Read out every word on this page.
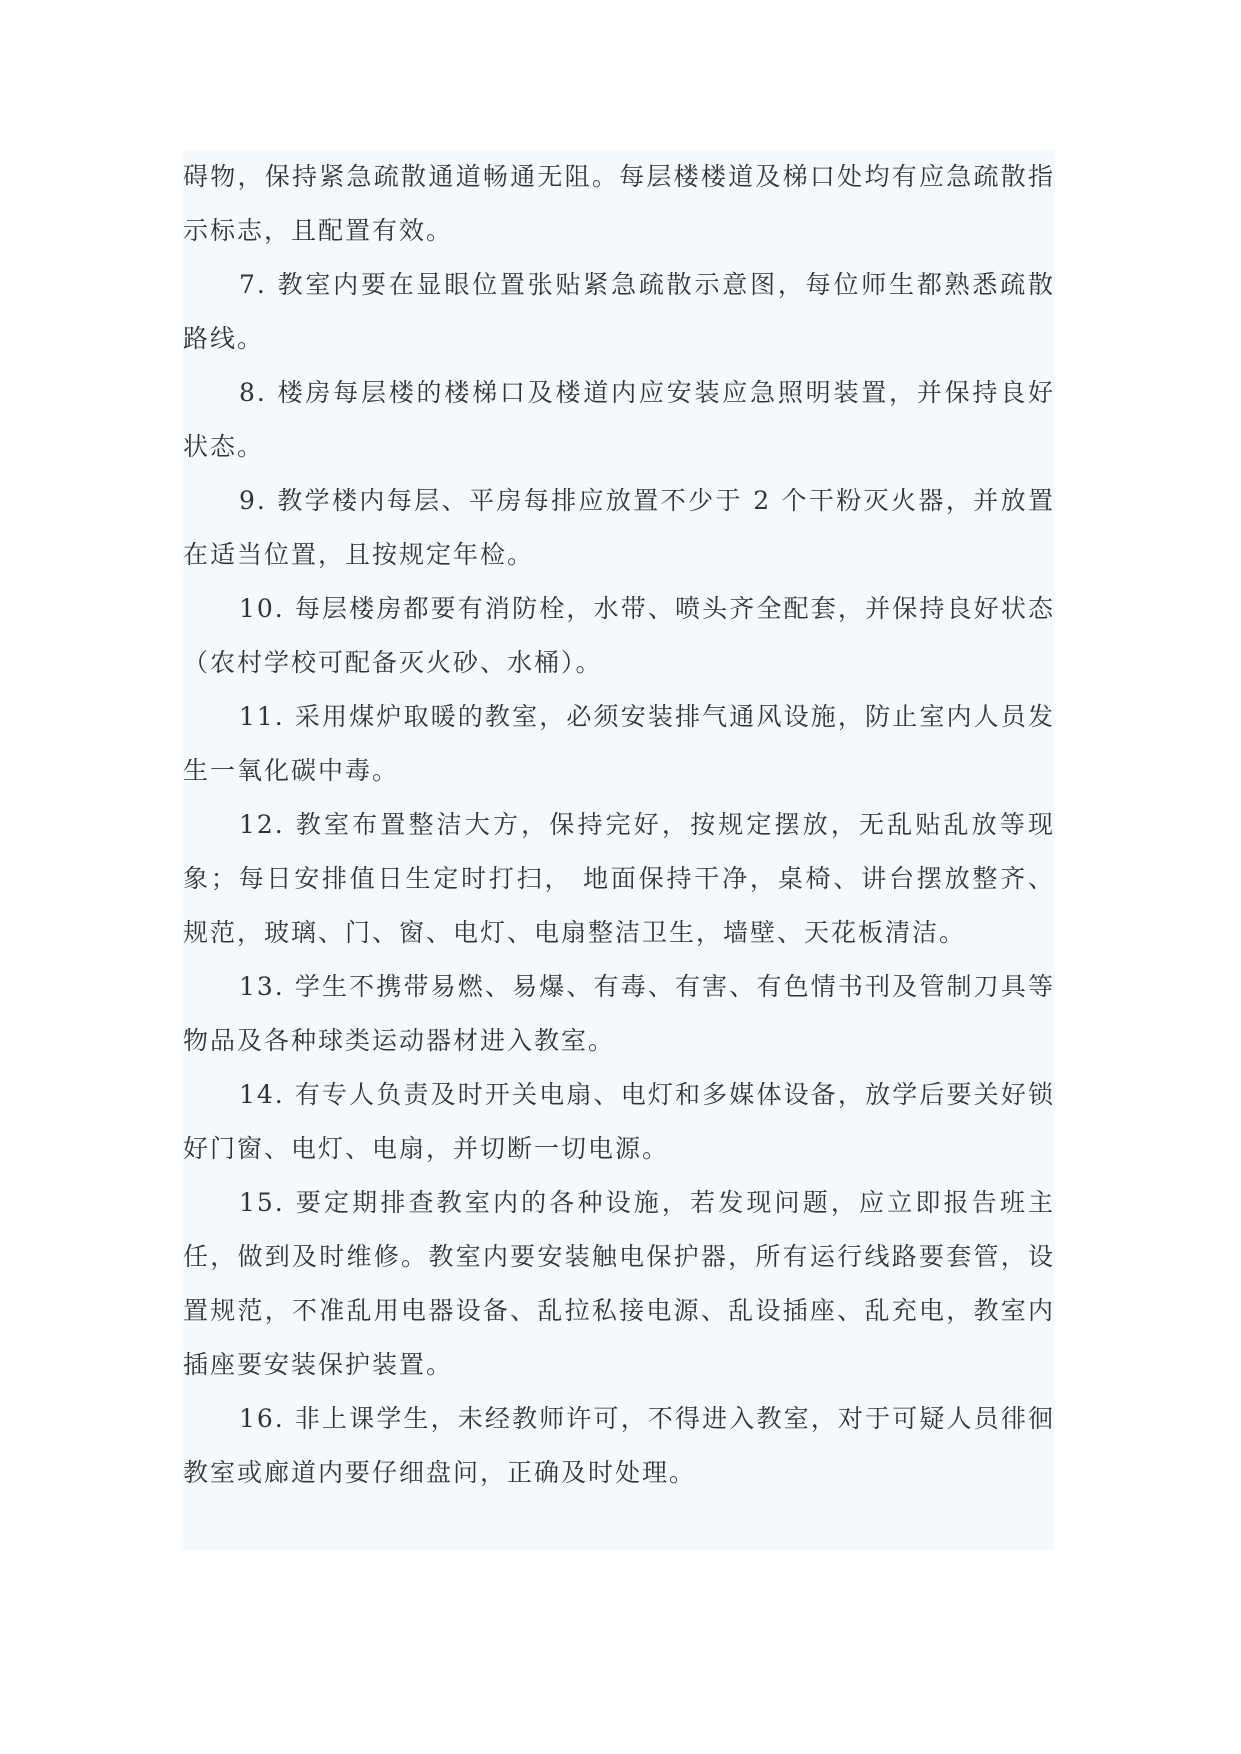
碍物，保持紧急疏散通道畅通无阻。每层楼楼道及梯口处均有应急疏散指示标志，且配置有效。

7. 教室内要在显眼位置张贴紧急疏散示意图，每位师生都熟悉疏散路线。

8. 楼房每层楼的楼梯口及楼道内应安装应急照明装置，并保持良好状态。

9. 教学楼内每层、平房每排应放置不少于 2 个干粉灭火器，并放置在适当位置，且按规定年检。

10. 每层楼房都要有消防栓，水带、喷头齐全配套，并保持良好状态（农村学校可配备灭火砂、水桶）。

11. 采用煤炉取暖的教室，必须安装排气通风设施，防止室内人员发生一氧化碳中毒。

12. 教室布置整洁大方，保持完好，按规定摆放，无乱贴乱放等现象；每日安排值日生定时打扫， 地面保持干净，桌椅、讲台摆放整齐、规范，玻璃、门、窗、电灯、电扇整洁卫生，墙壁、天花板清洁。

13. 学生不携带易燃、易爆、有毒、有害、有色情书刊及管制刀具等物品及各种球类运动器材进入教室。

14. 有专人负责及时开关电扇、电灯和多媒体设备，放学后要关好锁好门窗、电灯、电扇，并切断一切电源。

15. 要定期排查教室内的各种设施，若发现问题，应立即报告班主任，做到及时维修。教室内要安装触电保护器，所有运行线路要套管，设置规范，不准乱用电器设备、乱拉私接电源、乱设插座、乱充电，教室内插座要安装保护装置。

16. 非上课学生，未经教师许可，不得进入教室，对于可疑人员徘徊教室或廊道内要仔细盘问，正确及时处理。
